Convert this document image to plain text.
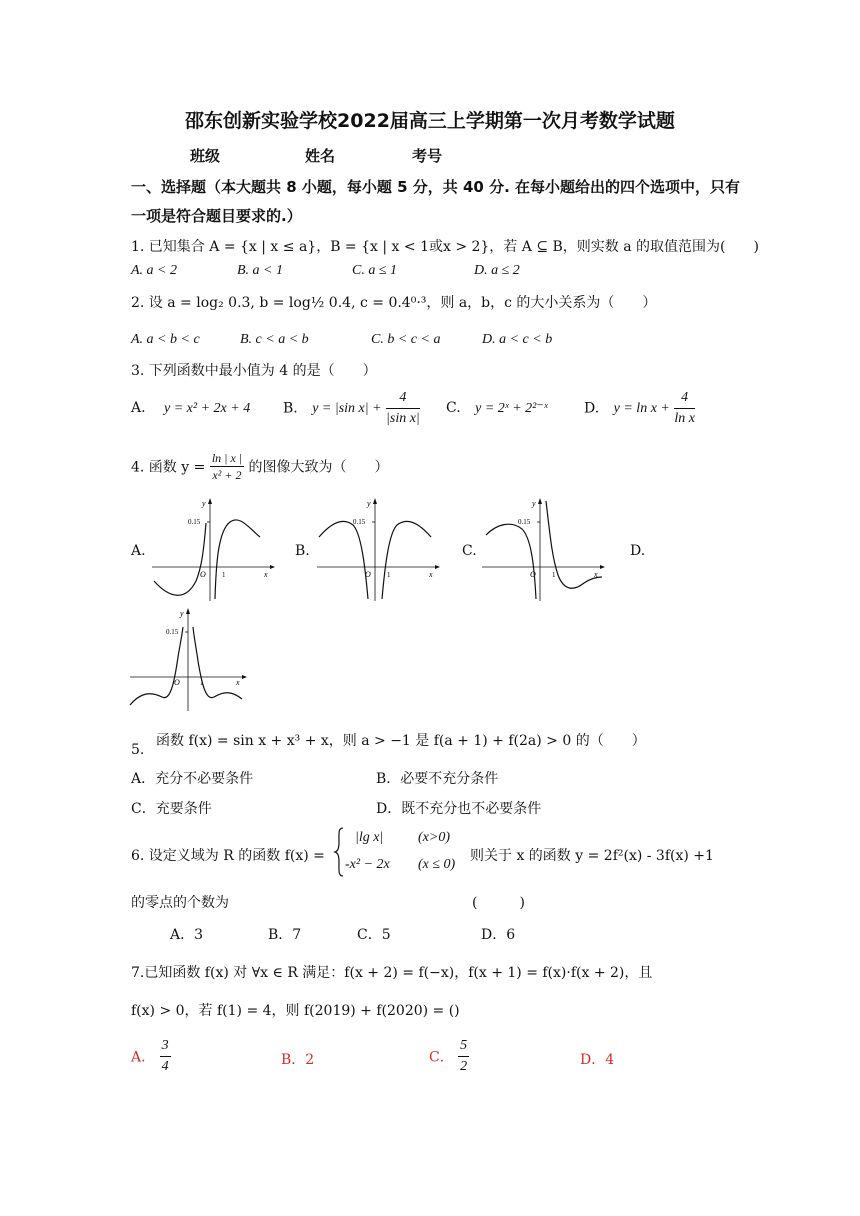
邵东创新实验学校2022届高三上学期第一次月考数学试题
班级	姓名	考号
一、选择题（本大题共 8 小题，每小题 5 分，共 40 分. 在每小题给出的四个选项中，只有
一项是符合题目要求的.）
1. 已知集合 A = {x | x ≤ a}，B = {x | x < 1或x > 2}，若 A ⊆ B，则实数 a 的取值范围为(　　)
A. a < 2	B. a < 1	C. a ≤ 1	D. a ≤ 2
2. 设 a = log₂ 0.3, b = log½ 0.4, c = 0.4⁰·³，则 a，b，c 的大小关系为（　　）
A. a < b < c	B. c < a < b	C. b < c < a	D. a < c < b
3. 下列函数中最小值为 4 的是（　　）
A. y = x² + 2x + 4 B. y = |sin $x| + \frac{4}{\text{|sin x|}} C$. y = 2ˣ + 2²⁻ˣ	D. $y = \ln x + \frac{4}{\text{ln x}}$
4. 函数 $y = \frac{\ln | x |}{\text{x² + 2}}$ 的图像大致为（　　）
A.	B.	C.	D.
y
0.15
O 1	x
y
0.15
O 1	x
y
0.15
O 1	x
y
0.15
O	1	x
5.
函数 f(x) = sin x + x³ + x，则 a > −1 是 f(a + 1) + f(2a) > 0 的（　　）
A．充分不必要条件	B．必要不充分条件
C．充要条件	D．既不充分也不必要条件
6. 设定义域为 R 的函数 f(x) =
|lg x| (x>0)
-x² − 2x (x ≤ 0)
则关于 x 的函数 y = 2f²(x) - 3f(x) +1
的零点的个数为	(　　　)
A．3	B．7	C．5	D．6
7.已知函数 f(x) 对 ∀x ∈ R 满足：f(x + 2) = f(−x)，f(x + 1) = f(x)·f(x + 2)，且
f(x) > 0，若 f(1) = 4，则 f(2019) + f(2020) = ()
A． $\frac{3}{4}$	B．2	C． $\frac{5}{2}$	D．4
